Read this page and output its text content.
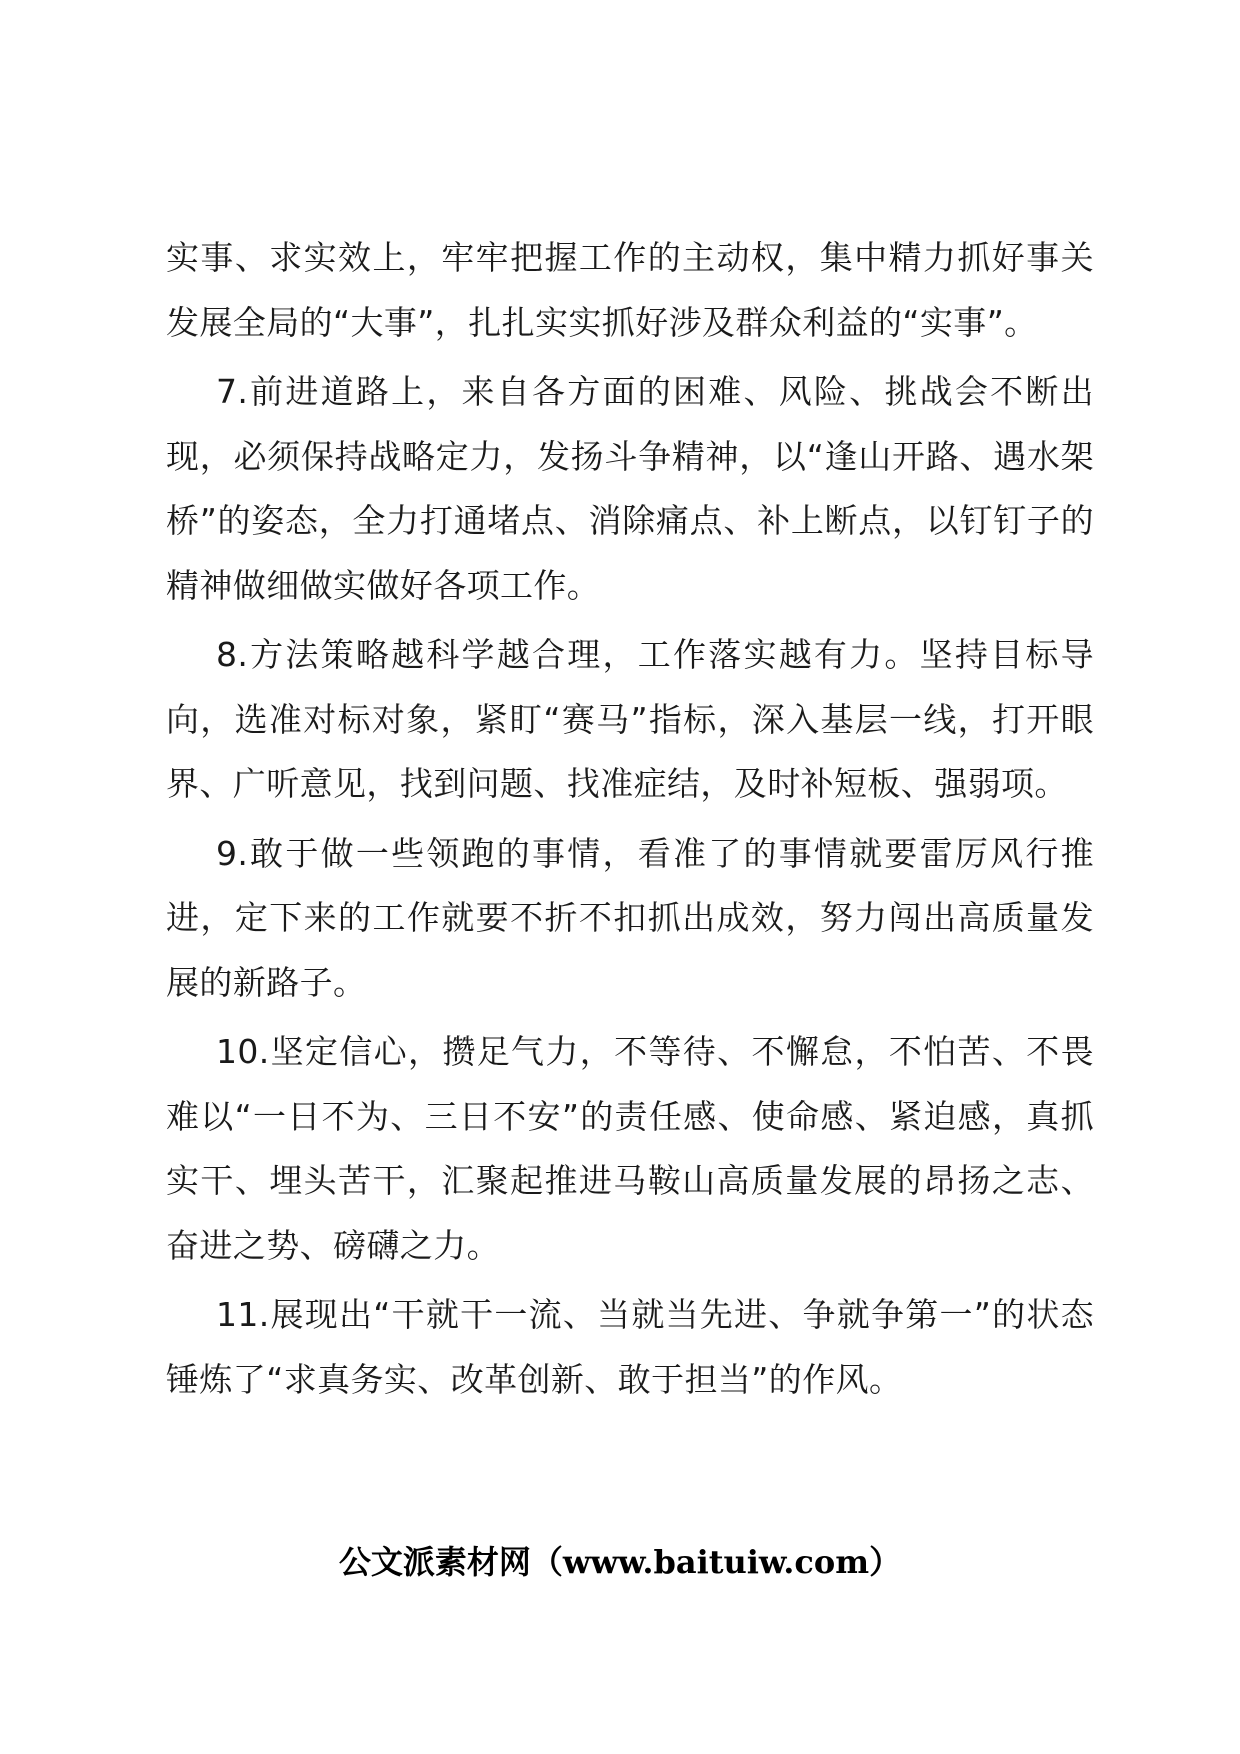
实事、求实效上，牢牢把握工作的主动权，集中精力抓好事关发展全局的“大事”，扎扎实实抓好涉及群众利益的“实事”。

7.前进道路上，来自各方面的困难、风险、挑战会不断出现，必须保持战略定力，发扬斗争精神，以“逢山开路、遇水架桥”的姿态，全力打通堵点、消除痛点、补上断点，以钉钉子的精神做细做实做好各项工作。

8.方法策略越科学越合理，工作落实越有力。坚持目标导向，选准对标对象，紧盯“赛马”指标，深入基层一线，打开眼界、广听意见，找到问题、找准症结，及时补短板、强弱项。

9.敢于做一些领跑的事情，看准了的事情就要雷厉风行推进，定下来的工作就要不折不扣抓出成效，努力闯出高质量发展的新路子。

10.坚定信心，攒足气力，不等待、不懈怠，不怕苦、不畏难以“一日不为、三日不安”的责任感、使命感、紧迫感，真抓实干、埋头苦干，汇聚起推进马鞍山高质量发展的昂扬之志、奋进之势、磅礴之力。

11.展现出“干就干一流、当就当先进、争就争第一”的状态锤炼了“求真务实、改革创新、敢于担当”的作风。

公文派素材网（www.baituiw.com）
